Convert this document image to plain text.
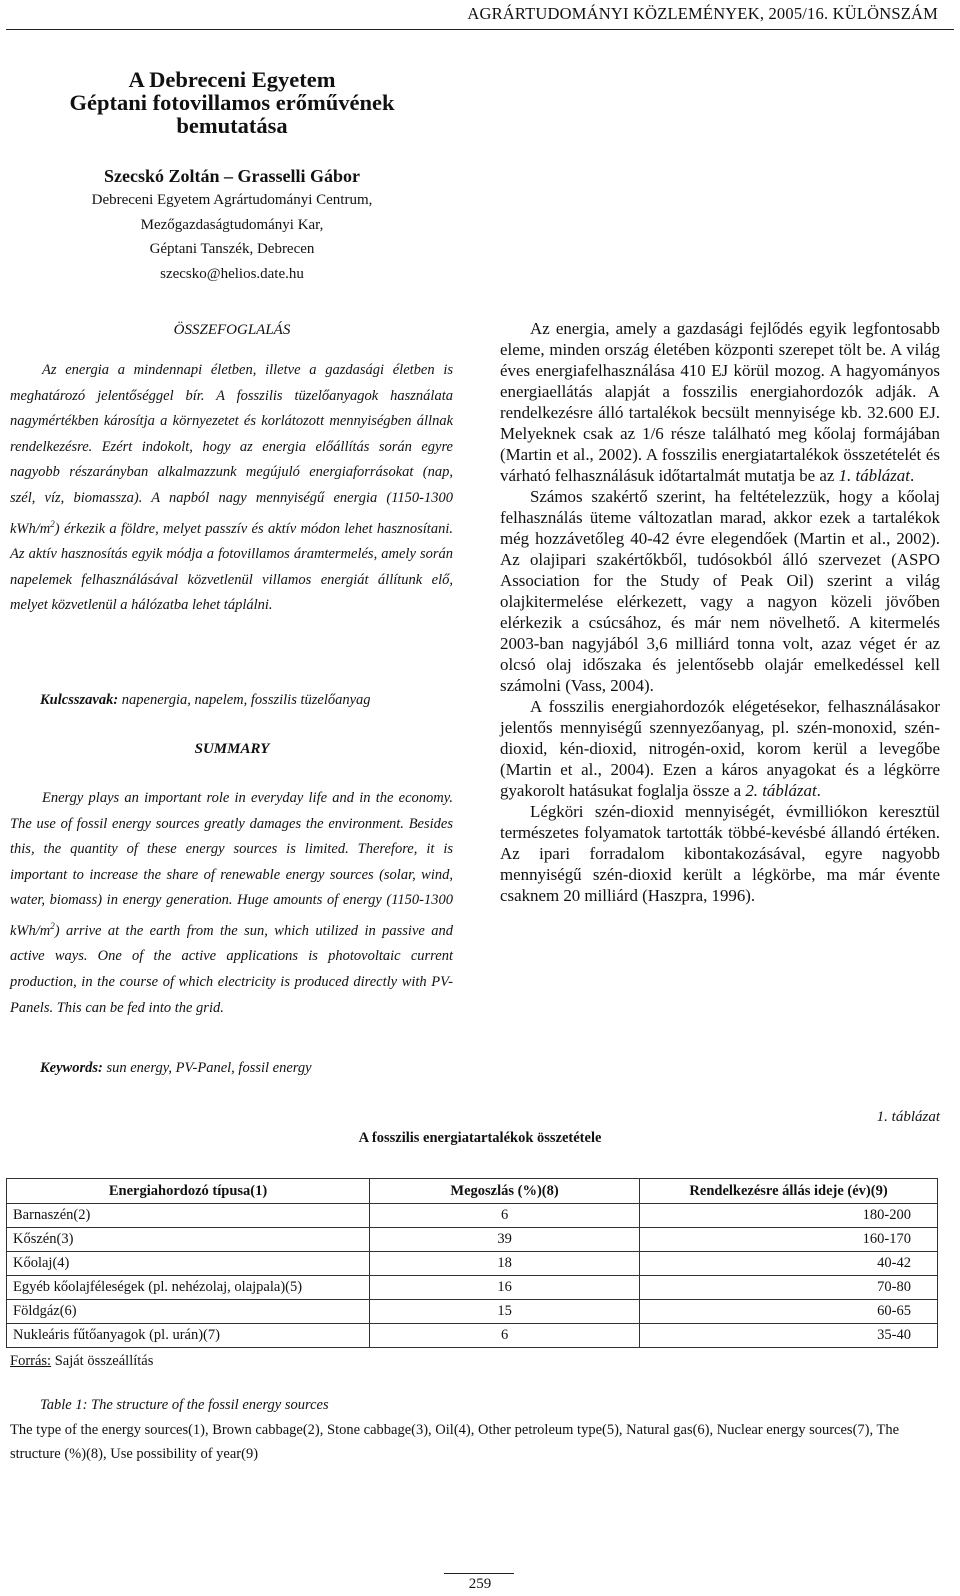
AGRÁRTUDOMÁNYI KÖZLEMÉNYEK, 2005/16. KÜLÖNSZÁM
A Debreceni Egyetem
Géptani fotovillamos erőművének
bemutatása
Szecskó Zoltán – Grasselli Gábor
Debreceni Egyetem Agrártudományi Centrum,
Mezőgazdaságtudományi Kar,
Géptani Tanszék, Debrecen
szecsko@helios.date.hu
ÖSSZEFOGLALÁS
Az energia a mindennapi életben, illetve a gazdasági életben is meghatározó jelentőséggel bír. A fosszilis tüzelőanyagok használata nagymértékben károsítja a környezetet és korlátozott mennyiségben állnak rendelkezésre. Ezért indokolt, hogy az energia előállítás során egyre nagyobb részarányban alkalmazzunk megújuló energiaforrásokat (nap, szél, víz, biomassza). A napból nagy mennyiségű energia (1150-1300 kWh/$m^2$) érkezik a földre, melyet passzív és aktív módon lehet hasznosítani. Az aktív hasznosítás egyik módja a fotovillamos áramtermelés, amely során napelemek felhasználásával közvetlenül villamos energiát állítunk elő, melyet közvetlenül a hálózatba lehet táplálni.
Kulcsszavak: napenergia, napelem, fosszilis tüzelőanyag
SUMMARY
Energy plays an important role in everyday life and in the economy. The use of fossil energy sources greatly damages the environment. Besides this, the quantity of these energy sources is limited. Therefore, it is important to increase the share of renewable energy sources (solar, wind, water, biomass) in energy generation. Huge amounts of energy (1150-1300 kWh/$m^2$) arrive at the earth from the sun, which utilized in passive and active ways. One of the active applications is photovoltaic current production, in the course of which electricity is produced directly with PV-Panels. This can be fed into the grid.
Keywords: sun energy, PV-Panel, fossil energy

Az energia, amely a gazdasági fejlődés egyik legfontosabb eleme, minden ország életében központi szerepet tölt be. A világ éves energiafelhasználása 410 EJ körül mozog. A hagyományos energiaellátás alapját a fosszilis energiahordozók adják. A rendelkezésre álló tartalékok becsült mennyisége kb. 32.600 EJ. Melyeknek csak az 1/6 része található meg kőolaj formájában (Martin et al., 2002). A fosszilis energiatartalékok összetételét és várható felhasználásuk időtartalmát mutatja be az 1. táblázat.

Számos szakértő szerint, ha feltételezzük, hogy a kőolaj felhasználás üteme változatlan marad, akkor ezek a tartalékok még hozzávetőleg 40-42 évre elegendőek (Martin et al., 2002). Az olajipari szakértőkből, tudósokból álló szervezet (ASPO Association for the Study of Peak Oil) szerint a világ olajkitermelése elérkezett, vagy a nagyon közeli jövőben elérkezik a csúcsához, és már nem növelhető. A kitermelés 2003-ban nagyjából 3,6 milliárd tonna volt, azaz véget ér az olcsó olaj időszaka és jelentősebb olajár emelkedéssel kell számolni (Vass, 2004).

A fosszilis energiahordozók elégetésekor, felhasználásakor jelentős mennyiségű szennyezőanyag, pl. szén-monoxid, szén-dioxid, kén-dioxid, nitrogén-oxid, korom kerül a levegőbe (Martin et al., 2004). Ezen a káros anyagokat és a légkörre gyakorolt hatásukat foglalja össze a 2. táblázat.

Légköri szén-dioxid mennyiségét, évmilliókon keresztül természetes folyamatok tartották többé-kevésbé állandó értéken. Az ipari forradalom kibontakozásával, egyre nagyobb mennyiségű szén-dioxid került a légkörbe, ma már évente csaknem 20 milliárd (Haszpra, 1996).

1. táblázat
A fosszilis energiatartalékok összetétele
Energiahordozó típusa(1)	Megoszlás (%)(8)	Rendelkezésre állás ideje (év)(9)
Barnaszén(2)	6	180-200
Kőszén(3)	39	160-170
Kőolaj(4)	18	40-42
Egyéb kőolajféleségek (pl. nehézolaj, olajpala)(5)	16	70-80
Földgáz(6)	15	60-65
Nukleáris fűtőanyagok (pl. urán)(7)	6	35-40
Forrás: Saját összeállítás
Table 1: The structure of the fossil energy sources
The type of the energy sources(1), Brown cabbage(2), Stone cabbage(3), Oil(4), Other petroleum type(5), Natural gas(6), Nuclear energy sources(7), The structure (%)(8), Use possibility of year(9)
259
